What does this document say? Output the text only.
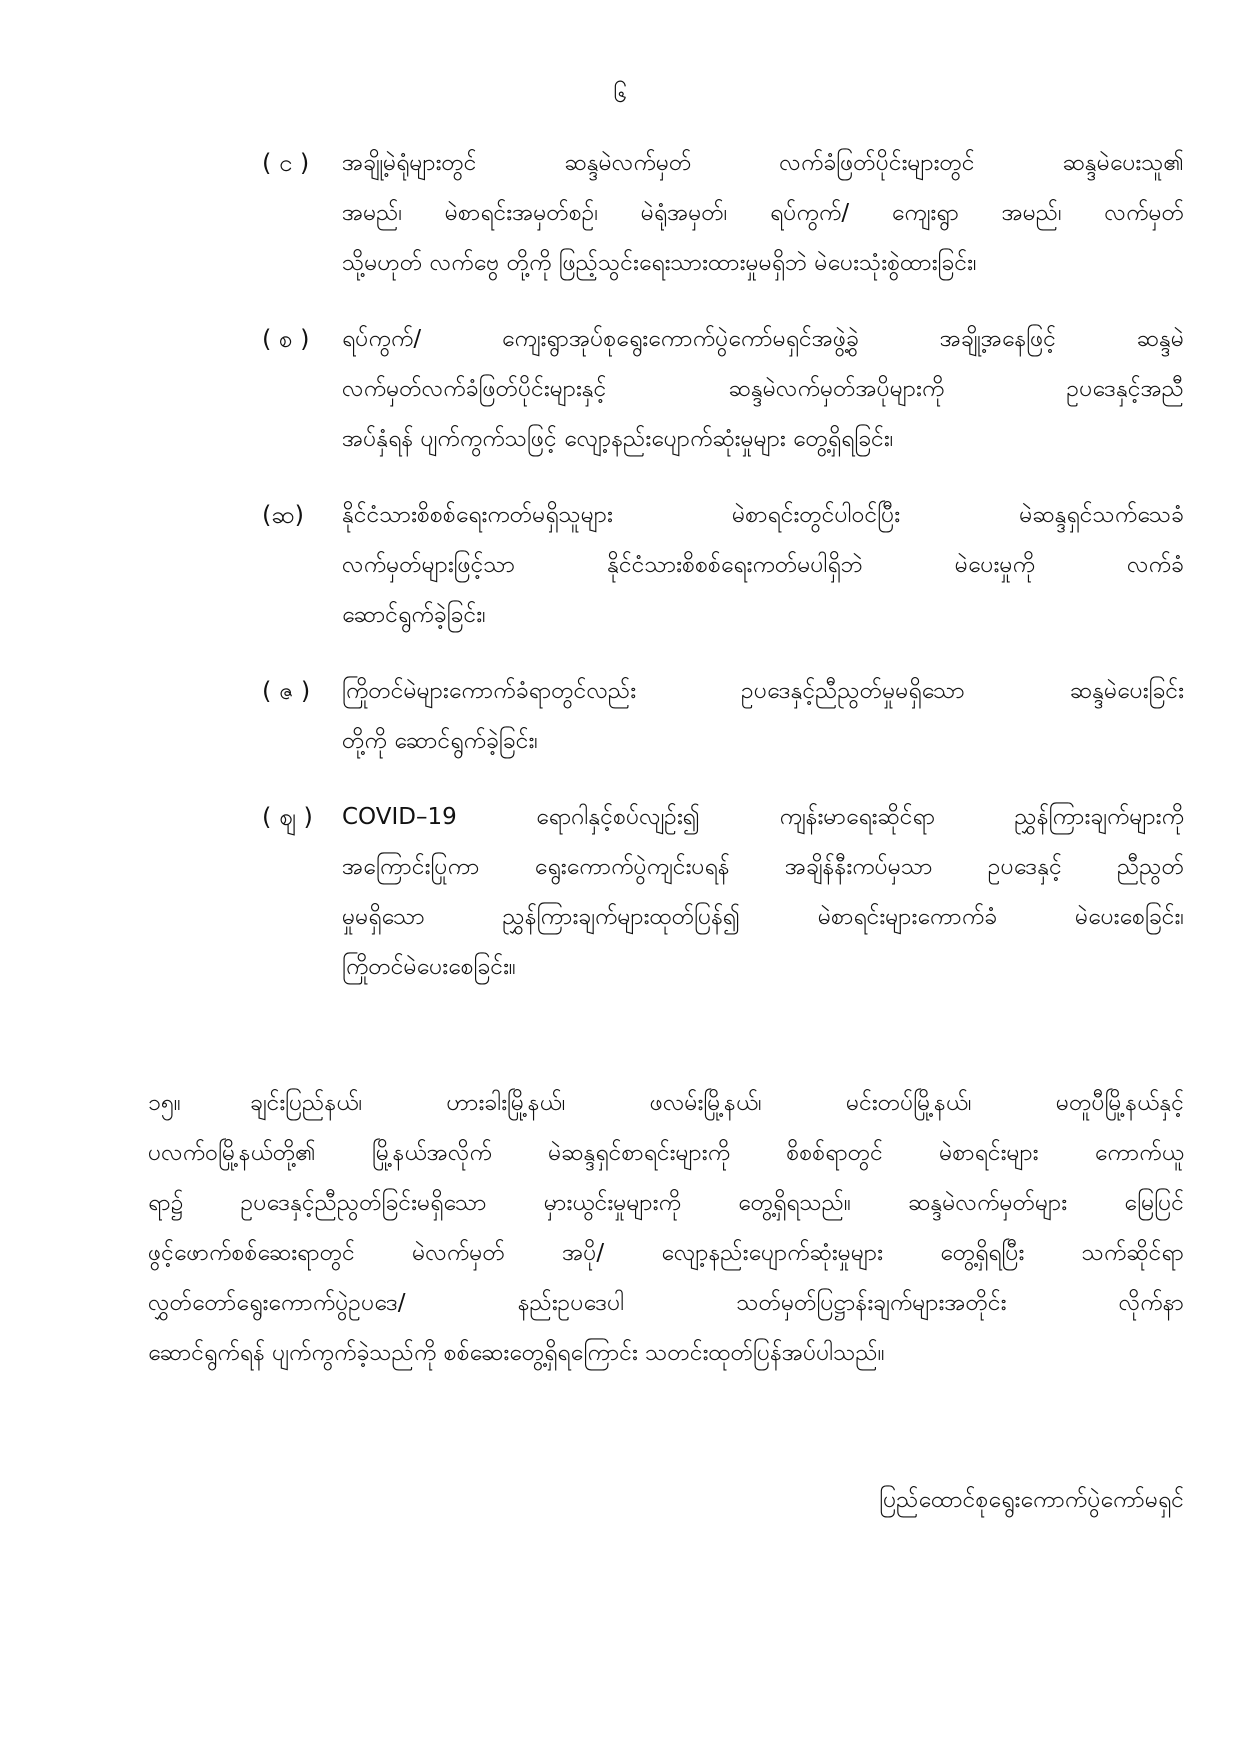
၆
( င )	အချို့မဲရုံများတွင် ဆန္ဒမဲလက်မှတ် လက်ခံဖြတ်ပိုင်းများတွင် ဆန္ဒမဲပေးသူ၏
အမည်၊ မဲစာရင်းအမှတ်စဉ်၊ မဲရုံအမှတ်၊ ရပ်ကွက်/ ကျေးရွာ အမည်၊ လက်မှတ်
သို့မဟုတ် လက်ဗွေ တို့ကို ဖြည့်သွင်းရေးသားထားမှုမရှိဘဲ မဲပေးသုံးစွဲထားခြင်း၊
( စ )	ရပ်ကွက်/ ကျေးရွာအုပ်စုရွေးကောက်ပွဲကော်မရှင်အဖွဲ့ခွဲ အချို့အနေဖြင့် ဆန္ဒမဲ
လက်မှတ်လက်ခံဖြတ်ပိုင်းများနှင့် ဆန္ဒမဲလက်မှတ်အပိုများကို ဥပဒေနှင့်အညီ
အပ်နှံရန် ပျက်ကွက်သဖြင့် လျော့နည်းပျောက်ဆုံးမှုများ တွေ့ရှိရခြင်း၊
(ဆ)	နိုင်ငံသားစိစစ်ရေးကတ်မရှိသူများ မဲစာရင်းတွင်ပါဝင်ပြီး မဲဆန္ဒရှင်သက်သေခံ
လက်မှတ်များဖြင့်သာ နိုင်ငံသားစိစစ်ရေးကတ်မပါရှိဘဲ မဲပေးမှုကို လက်ခံ
ဆောင်ရွက်ခဲ့ခြင်း၊
( ဇ )	ကြိုတင်မဲများကောက်ခံရာတွင်လည်း ဥပဒေနှင့်ညီညွတ်မှုမရှိသော ဆန္ဒမဲပေးခြင်း
တို့ကို ဆောင်ရွက်ခဲ့ခြင်း၊
( ဈ )	COVID–19 ရောဂါနှင့်စပ်လျဉ်း၍ ကျန်းမာရေးဆိုင်ရာ ညွှန်ကြားချက်များကို
အကြောင်းပြုကာ ရွေးကောက်ပွဲကျင်းပရန် အချိန်နီးကပ်မှသာ ဥပဒေနှင့် ညီညွတ်
မှုမရှိသော ညွှန်ကြားချက်များထုတ်ပြန်၍ မဲစာရင်းများကောက်ခံ မဲပေးစေခြင်း၊
ကြိုတင်မဲပေးစေခြင်း။
၁၅။	ချင်းပြည်နယ်၊ ဟားခါးမြို့နယ်၊ ဖလမ်းမြို့နယ်၊ မင်းတပ်မြို့နယ်၊ မတူပီမြို့နယ်နှင့်
ပလက်ဝမြို့နယ်တို့၏ မြို့နယ်အလိုက် မဲဆန္ဒရှင်စာရင်းများကို စိစစ်ရာတွင် မဲစာရင်းများ ကောက်ယူ
ရာ၌ ဥပဒေနှင့်ညီညွတ်ခြင်းမရှိသော မှားယွင်းမှုများကို တွေ့ရှိရသည်။ ဆန္ဒမဲလက်မှတ်များ မြေပြင်
ဖွင့်ဖောက်စစ်ဆေးရာတွင် မဲလက်မှတ် အပို/ လျော့နည်းပျောက်ဆုံးမှုများ တွေ့ရှိရပြီး သက်ဆိုင်ရာ
လွှတ်တော်ရွေးကောက်ပွဲဥပဒေ/ နည်းဥပဒေပါ သတ်မှတ်ပြဋ္ဌာန်းချက်များအတိုင်း လိုက်နာ
ဆောင်ရွက်ရန် ပျက်ကွက်ခဲ့သည်ကို စစ်ဆေးတွေ့ရှိရကြောင်း သတင်းထုတ်ပြန်အပ်ပါသည်။
ပြည်ထောင်စုရွေးကောက်ပွဲကော်မရှင်
